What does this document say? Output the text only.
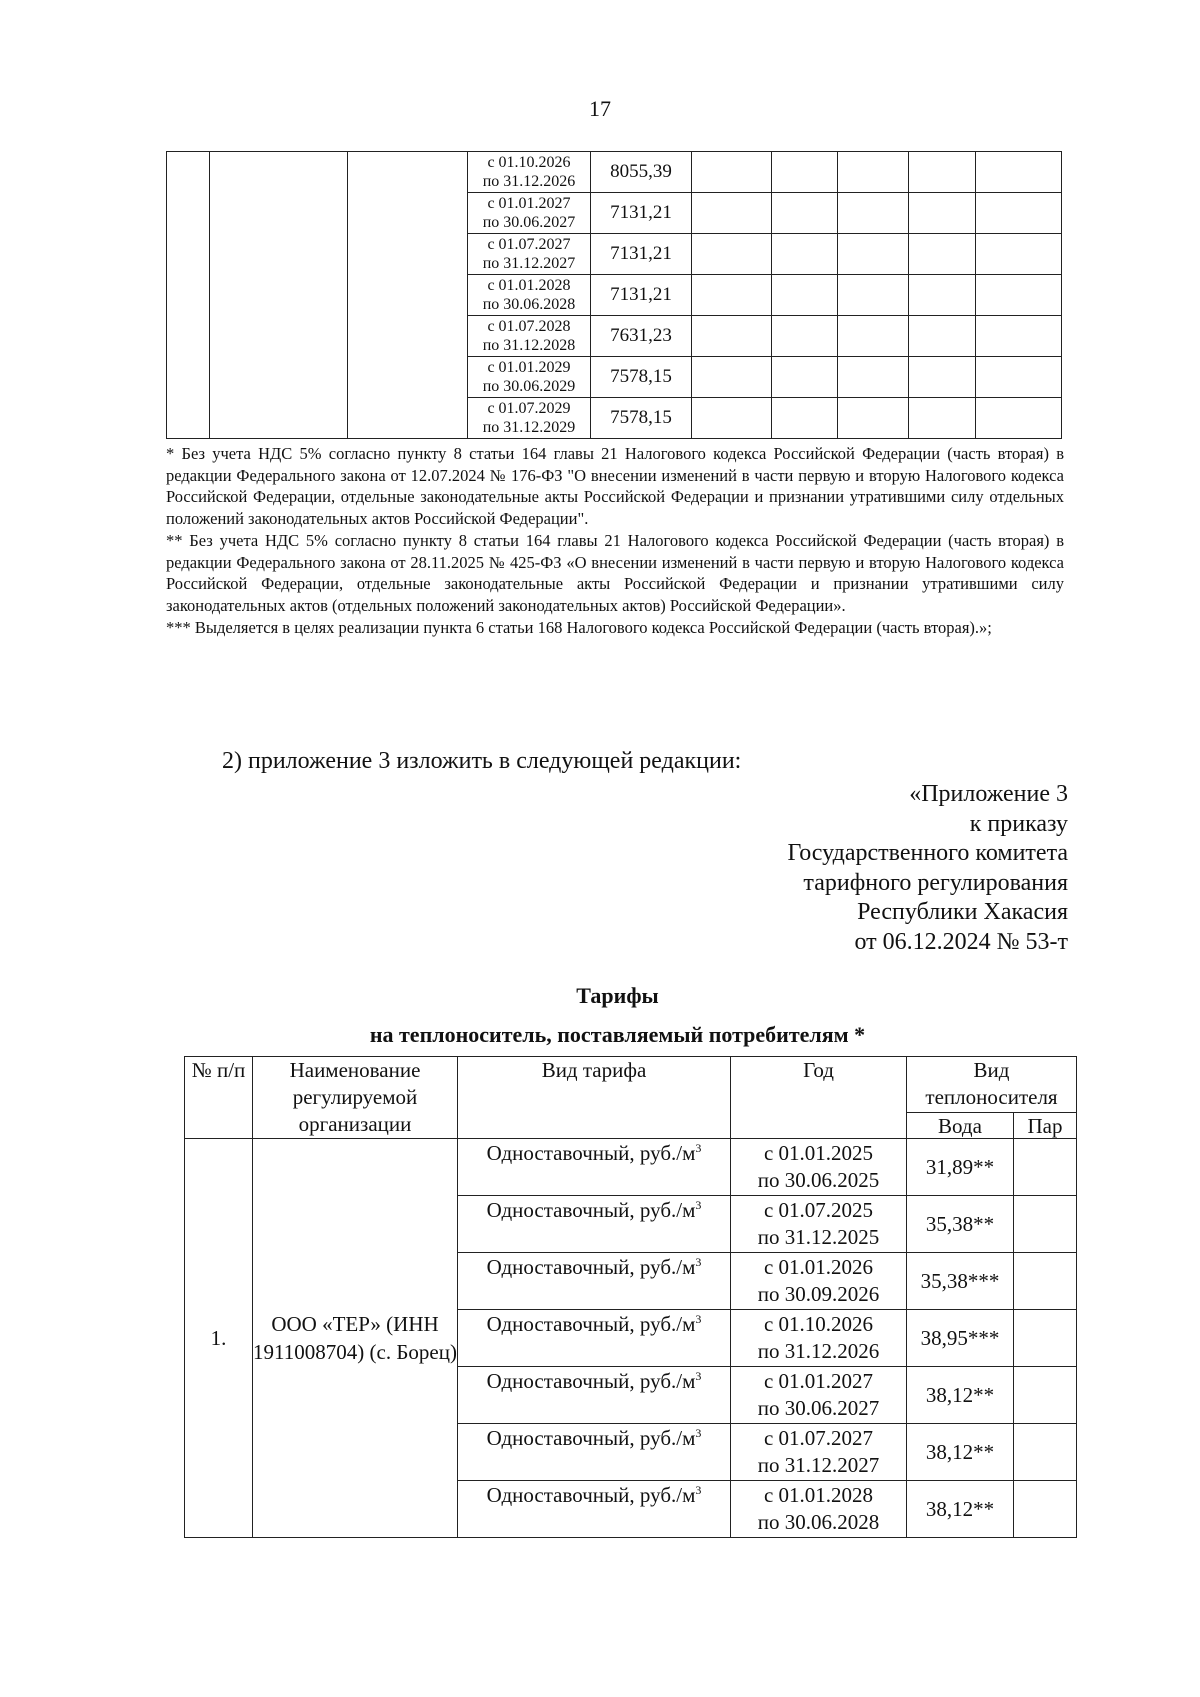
17

			с 01.10.2026
по 31.12.2026	8055,39					

			с 01.01.2027
по 30.06.2027	7131,21					

			с 01.07.2027
по 31.12.2027	7131,21					

			с 01.01.2028
по 30.06.2028	7131,21					

			с 01.07.2028
по 31.12.2028	7631,23					

			с 01.01.2029
по 30.06.2029	7578,15					

			с 01.07.2029
по 31.12.2029	7578,15					

* Без учета НДС 5% согласно пункту 8 статьи 164 главы 21 Налогового кодекса Российской Федерации (часть вторая) в редакции Федерального закона от 12.07.2024 № 176-ФЗ "О внесении изменений в части первую и вторую Налогового кодекса Российской Федерации, отдельные законодательные акты Российской Федерации и признании утратившими силу отдельных положений законодательных актов Российской Федерации".

** Без учета НДС 5% согласно пункту 8 статьи 164 главы 21 Налогового кодекса Российской Федерации (часть вторая) в редакции Федерального закона от 28.11.2025 № 425-ФЗ «О внесении изменений в части первую и вторую Налогового кодекса Российской Федерации, отдельные законодательные акты Российской Федерации и признании утратившими силу законодательных актов (отдельных положений законодательных актов) Российской Федерации».

*** Выделяется в целях реализации пункта 6 статьи 168 Налогового кодекса Российской Федерации (часть вторая).»;

2) приложение 3 изложить в следующей редакции:
«Приложение 3
к приказу
Государственного комитета
тарифного регулирования
Республики Хакасия
от 06.12.2024 № 53-т
Тарифы
на теплоноситель, поставляемый потребителям *
№ п/п	Наименование регулируемой организации	Вид тарифа	Год	Вид теплоносителя	
				Вода	Пар
1.	ООО «ТЕР» (ИНН 1911008704) (с. Борец)	Одноставочный, $руб./м^3$	с 01.01.2025
по 30.06.2025	31,89**	
		Одноставочный, $руб./м^3$	с 01.07.2025
по 31.12.2025	35,38**	
		Одноставочный, $руб./м^3$	с 01.01.2026
по 30.09.2026	35,38***	
		Одноставочный, $руб./м^3$	с 01.10.2026
по 31.12.2026	38,95***	
		Одноставочный, $руб./м^3$	с 01.01.2027
по 30.06.2027	38,12**	
		Одноставочный, $руб./м^3$	с 01.07.2027
по 31.12.2027	38,12**	
		Одноставочный, $руб./м^3$	с 01.01.2028
по 30.06.2028	38,12**	
